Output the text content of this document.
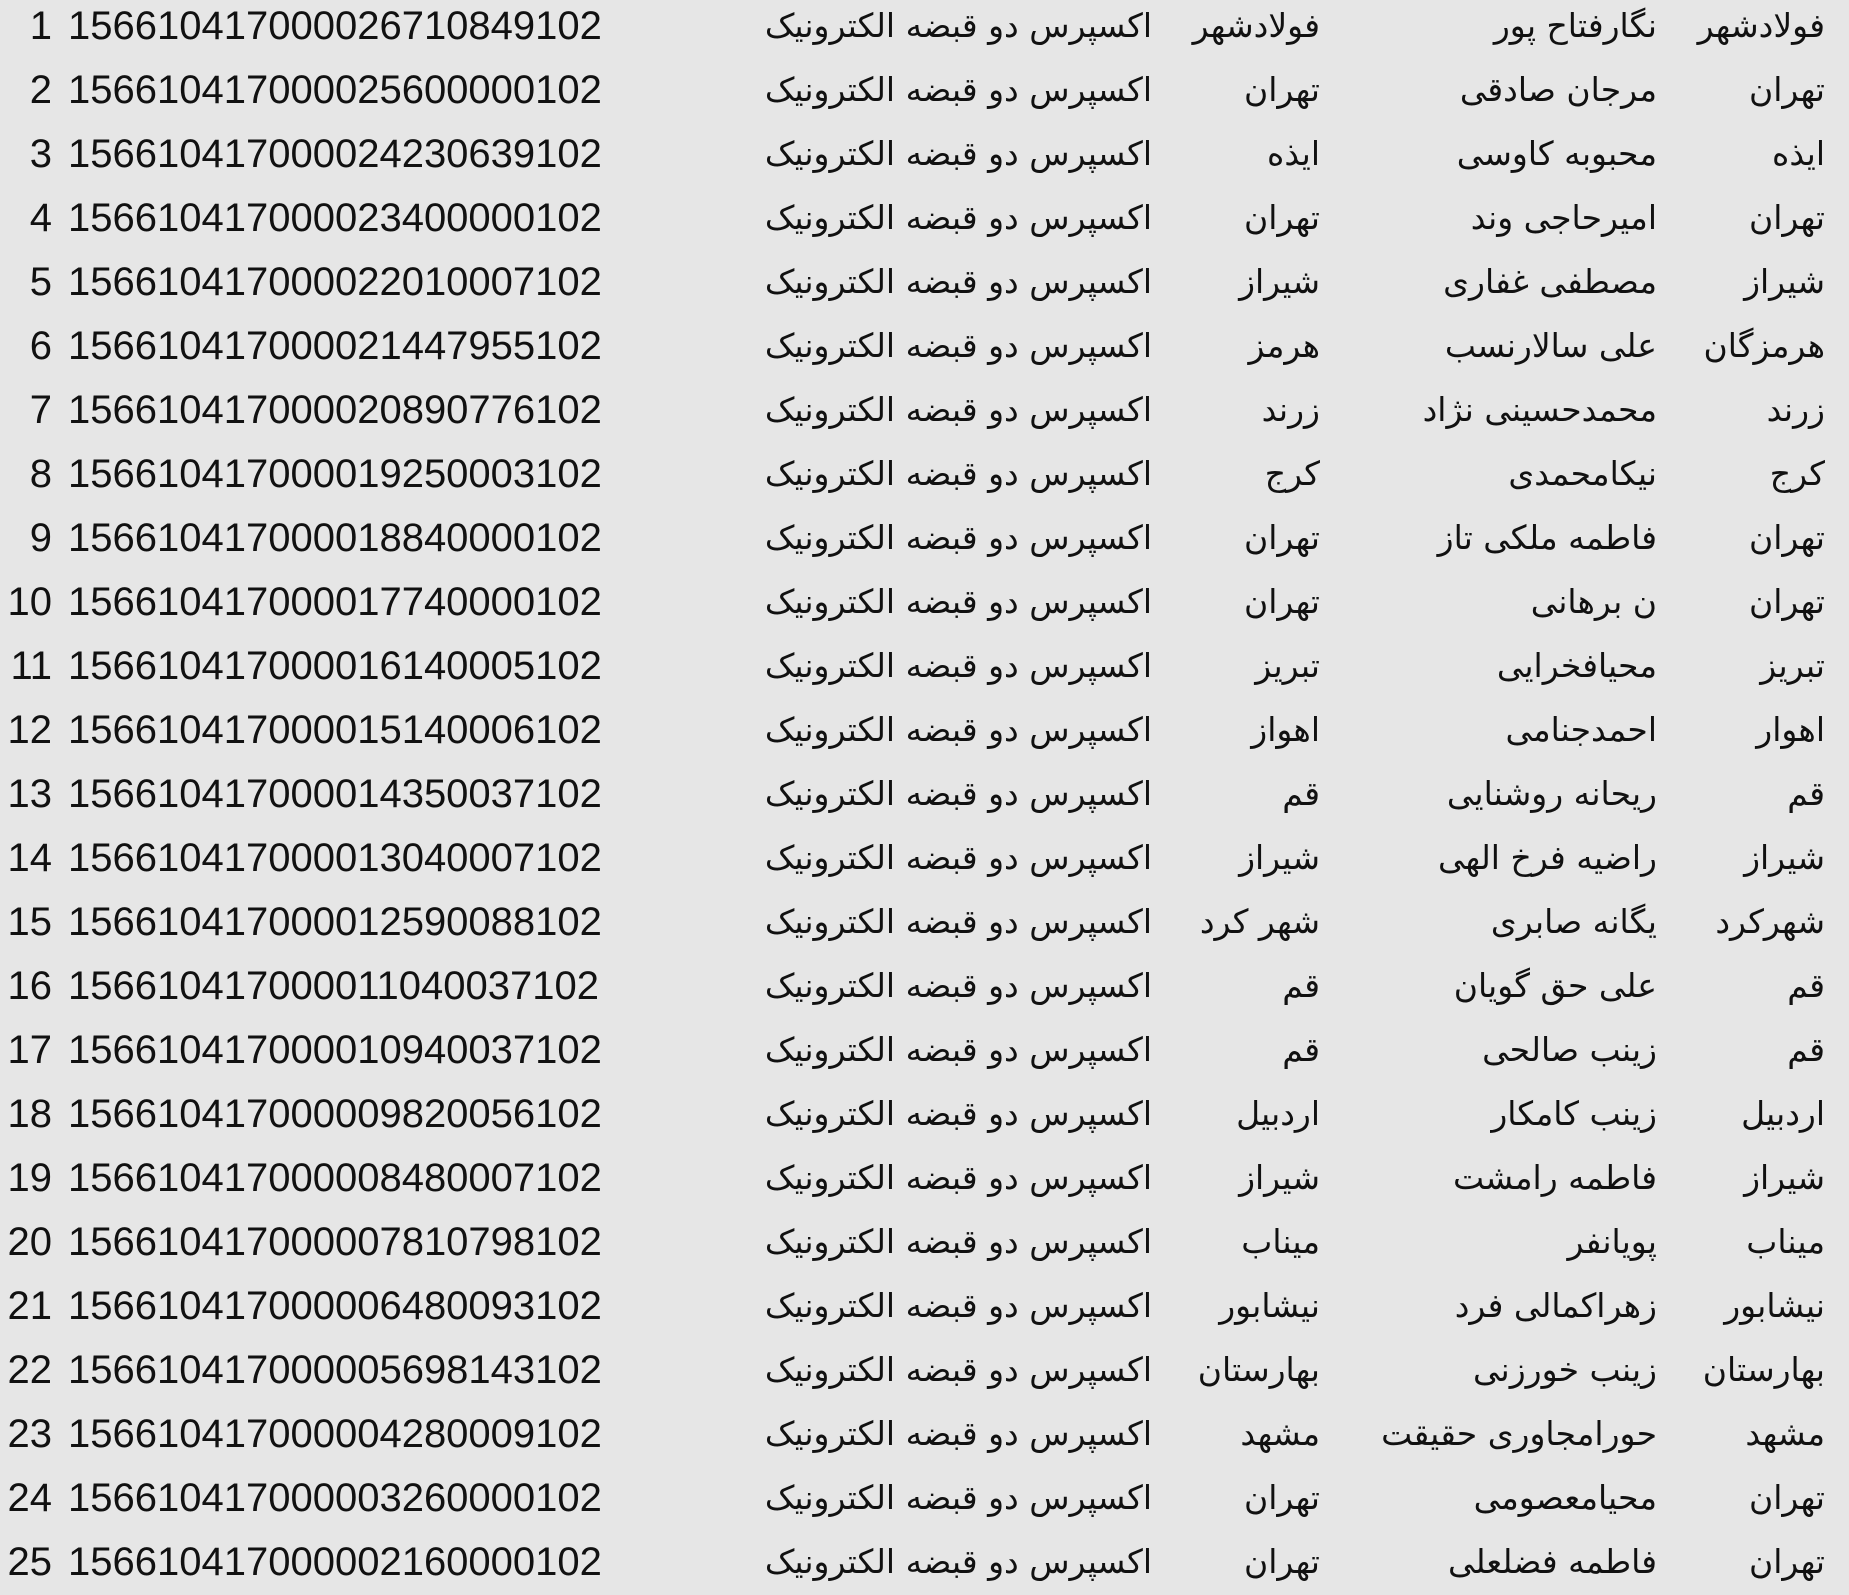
1 156610417000026710849102	اکسپرس دو قبضه الکترونیک	فولادشهر	نگارفتاح پور	فولادشهر
2 156610417000025600000102	اکسپرس دو قبضه الکترونیک	تهران	مرجان صادقی	تهران
3 156610417000024230639102	اکسپرس دو قبضه الکترونیک	ایذه	محبوبه کاوسی	ایذه
4 156610417000023400000102	اکسپرس دو قبضه الکترونیک	تهران	امیرحاجی وند	تهران
5 156610417000022010007102	اکسپرس دو قبضه الکترونیک	شیراز	مصطفی غفاری	شیراز
6 156610417000021447955102	اکسپرس دو قبضه الکترونیک	هرمز	علی سالارنسب	هرمزگان
7 156610417000020890776102	اکسپرس دو قبضه الکترونیک	زرند	محمدحسینی نژاد	زرند
8 156610417000019250003102	اکسپرس دو قبضه الکترونیک	کرج	نیکامحمدی	کرج
9 156610417000018840000102	اکسپرس دو قبضه الکترونیک	تهران	فاطمه ملکی تاز	تهران
10 156610417000017740000102	اکسپرس دو قبضه الکترونیک	تهران	ن برهانی	تهران
11 156610417000016140005102	اکسپرس دو قبضه الکترونیک	تبریز	محیافخرایی	تبریز
12 156610417000015140006102	اکسپرس دو قبضه الکترونیک	اهواز	احمدجنامی	اهوار
13 156610417000014350037102	اکسپرس دو قبضه الکترونیک	قم	ریحانه روشنایی	قم
14 156610417000013040007102	اکسپرس دو قبضه الکترونیک	شیراز	راضیه فرخ الهی	شیراز
15 156610417000012590088102	اکسپرس دو قبضه الکترونیک	شهر کرد	یگانه صابری	شهرکرد
16 156610417000011040037102	اکسپرس دو قبضه الکترونیک	قم	علی حق گویان	قم
17 156610417000010940037102	اکسپرس دو قبضه الکترونیک	قم	زینب صالحی	قم
18 156610417000009820056102	اکسپرس دو قبضه الکترونیک	اردبیل	زینب کامکار	اردبیل
19 156610417000008480007102	اکسپرس دو قبضه الکترونیک	شیراز	فاطمه رامشت	شیراز
20 156610417000007810798102	اکسپرس دو قبضه الکترونیک	میناب	پویانفر	میناب
21 156610417000006480093102	اکسپرس دو قبضه الکترونیک	نیشابور	زهراکمالی فرد	نیشابور
22 156610417000005698143102	اکسپرس دو قبضه الکترونیک	بهارستان	زینب خورزنی	بهارستان
23 156610417000004280009102	اکسپرس دو قبضه الکترونیک	مشهد	حورامجاوری حقیقت	مشهد
24 156610417000003260000102	اکسپرس دو قبضه الکترونیک	تهران	محیامعصومی	تهران
25 156610417000002160000102	اکسپرس دو قبضه الکترونیک	تهران	فاطمه فضلعلی	تهران
